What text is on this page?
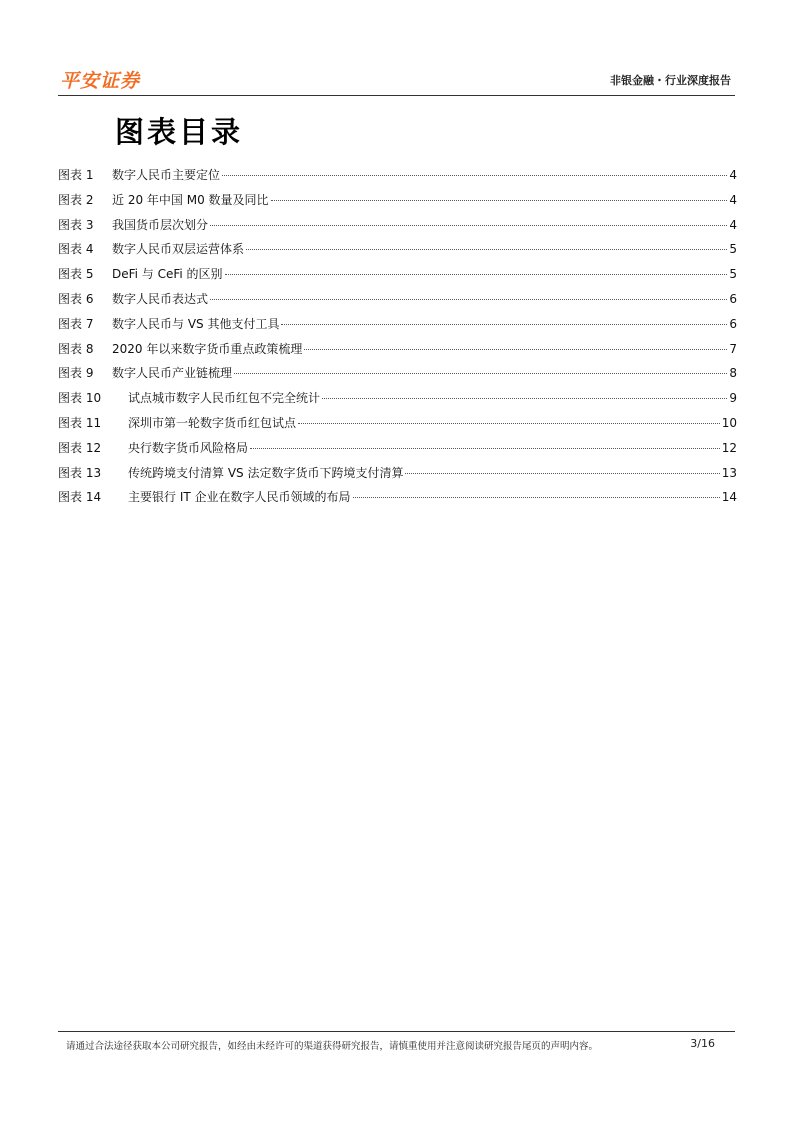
平安证券	非银金融・行业深度报告
图表目录
图表 1	数字人民币主要定位	4
图表 2	近 20 年中国 M0 数量及同比	4
图表 3	我国货币层次划分	4
图表 4	数字人民币双层运营体系	5
图表 5	DeFi 与 CeFi 的区别	5
图表 6	数字人民币表达式	6
图表 7	数字人民币与 VS 其他支付工具	6
图表 8	2020 年以来数字货币重点政策梳理	7
图表 9	数字人民币产业链梳理	8
图表 10	试点城市数字人民币红包不完全统计	9
图表 11	深圳市第一轮数字货币红包试点	10
图表 12	央行数字货币风险格局	12
图表 13	传统跨境支付清算 VS 法定数字货币下跨境支付清算	13
图表 14	主要银行 IT 企业在数字人民币领域的布局	14
请通过合法途径获取本公司研究报告，如经由未经许可的渠道获得研究报告，请慎重使用并注意阅读研究报告尾页的声明内容。	3/16
